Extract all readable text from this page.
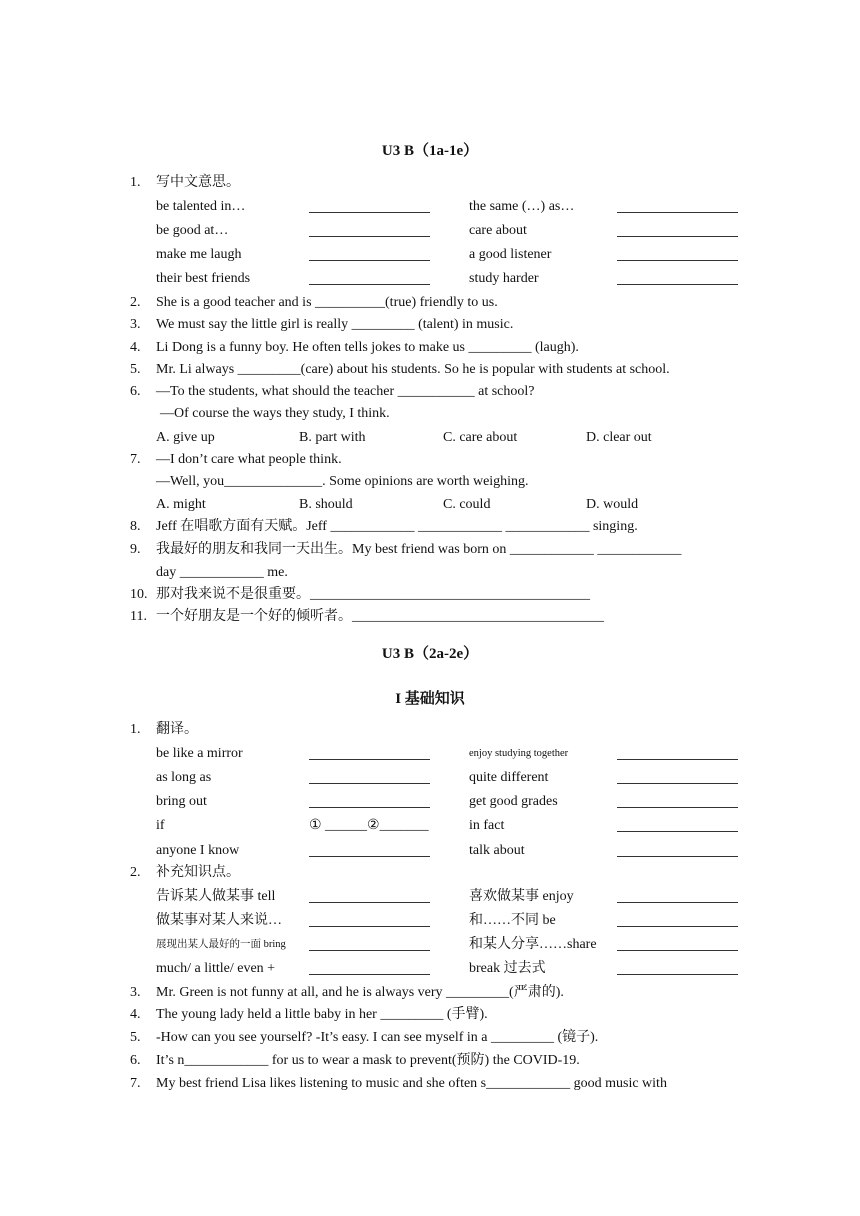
U3 B（1a-1e）
1. 写中文意思。
be talented in…	the same (…) as…
be good at…	care about
make me laugh	a good listener
their best friends	study harder
2. She is a good teacher and is __________(true) friendly to us.
3. We must say the little girl is really _________ (talent) in music.
4. Li Dong is a funny boy. He often tells jokes to make us _________ (laugh).
5. Mr. Li always _________(care) about his students. So he is popular with students at school.
6. —To the students, what should the teacher ___________ at school?
—Of course the ways they study, I think.
A. give up	B. part with	C. care about	D. clear out
7. —I don’t care what people think.
—Well, you______________. Some opinions are worth weighing.
A. might	B. should	C. could	D. would
8. Jeff 在唱歌方面有天赋。Jeff ____________ ____________ ____________ singing.
9. 我最好的朋友和我同一天出生。My best friend was born on ____________ ____________
day ____________ me.
10. 那对我来说不是很重要。________________________________________
11. 一个好朋友是一个好的倾听者。____________________________________
U3 B（2a-2e）
I 基础知识
1. 翻译。
be like a mirror	enjoy studying together
as long as	quite different
bring out	get good grades
if	① ______②_______	in fact
anyone I know	talk about
2. 补充知识点。
告诉某人做某事 tell	喜欢做某事 enjoy
做某事对某人来说…	和……不同 be
展现出某人最好的一面 bring	和某人分享……share
much/ a little/ even +	break 过去式
3. Mr. Green is not funny at all, and he is always very _________(严肃的).
4. The young lady held a little baby in her _________ (手臂).
5. -How can you see yourself? -It’s easy. I can see myself in a _________ (镜子).
6. It’s n____________ for us to wear a mask to prevent(预防) the COVID-19.
7. My best friend Lisa likes listening to music and she often s____________ good music with
